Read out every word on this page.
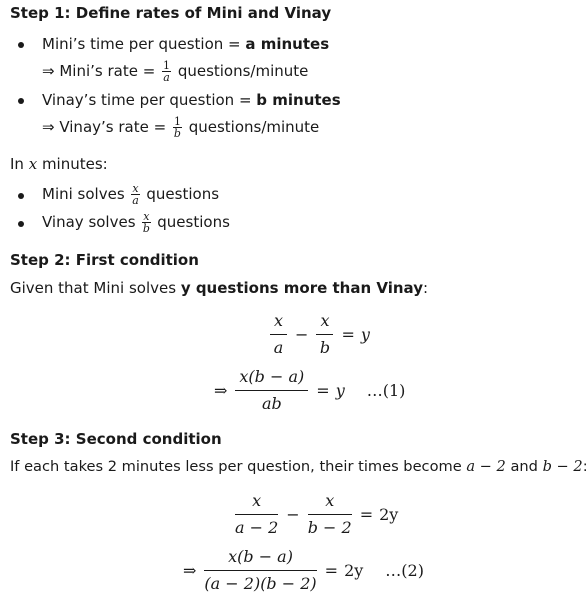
Step 1: Define rates of Mini and Vinay
Mini’s time per question = a minutes
⇒ Mini’s rate = $\frac{1}{a}$ questions/minute
Vinay’s time per question = b minutes
⇒ Vinay’s rate = $\frac{1}{b}$ questions/minute
In x minutes:
Mini solves $\frac{x}{a}$ questions
Vinay solves $\frac{x}{b}$ questions
Step 2: First condition
Given that Mini solves y questions more than Vinay:
$\frac{x}{a} - \frac{x}{b} = y$
⇒ $\frac{x(b - a)}{ab} = y$ …(1)
Step 3: Second condition
If each takes 2 minutes less per question, their times become a − 2 and b − 2:
$\frac{x}{a - 2} - \frac{x}{b - 2} = 2y$
⇒ $\frac{x(b - a)}{(a - 2)(b - 2)} = 2y$ …(2)
